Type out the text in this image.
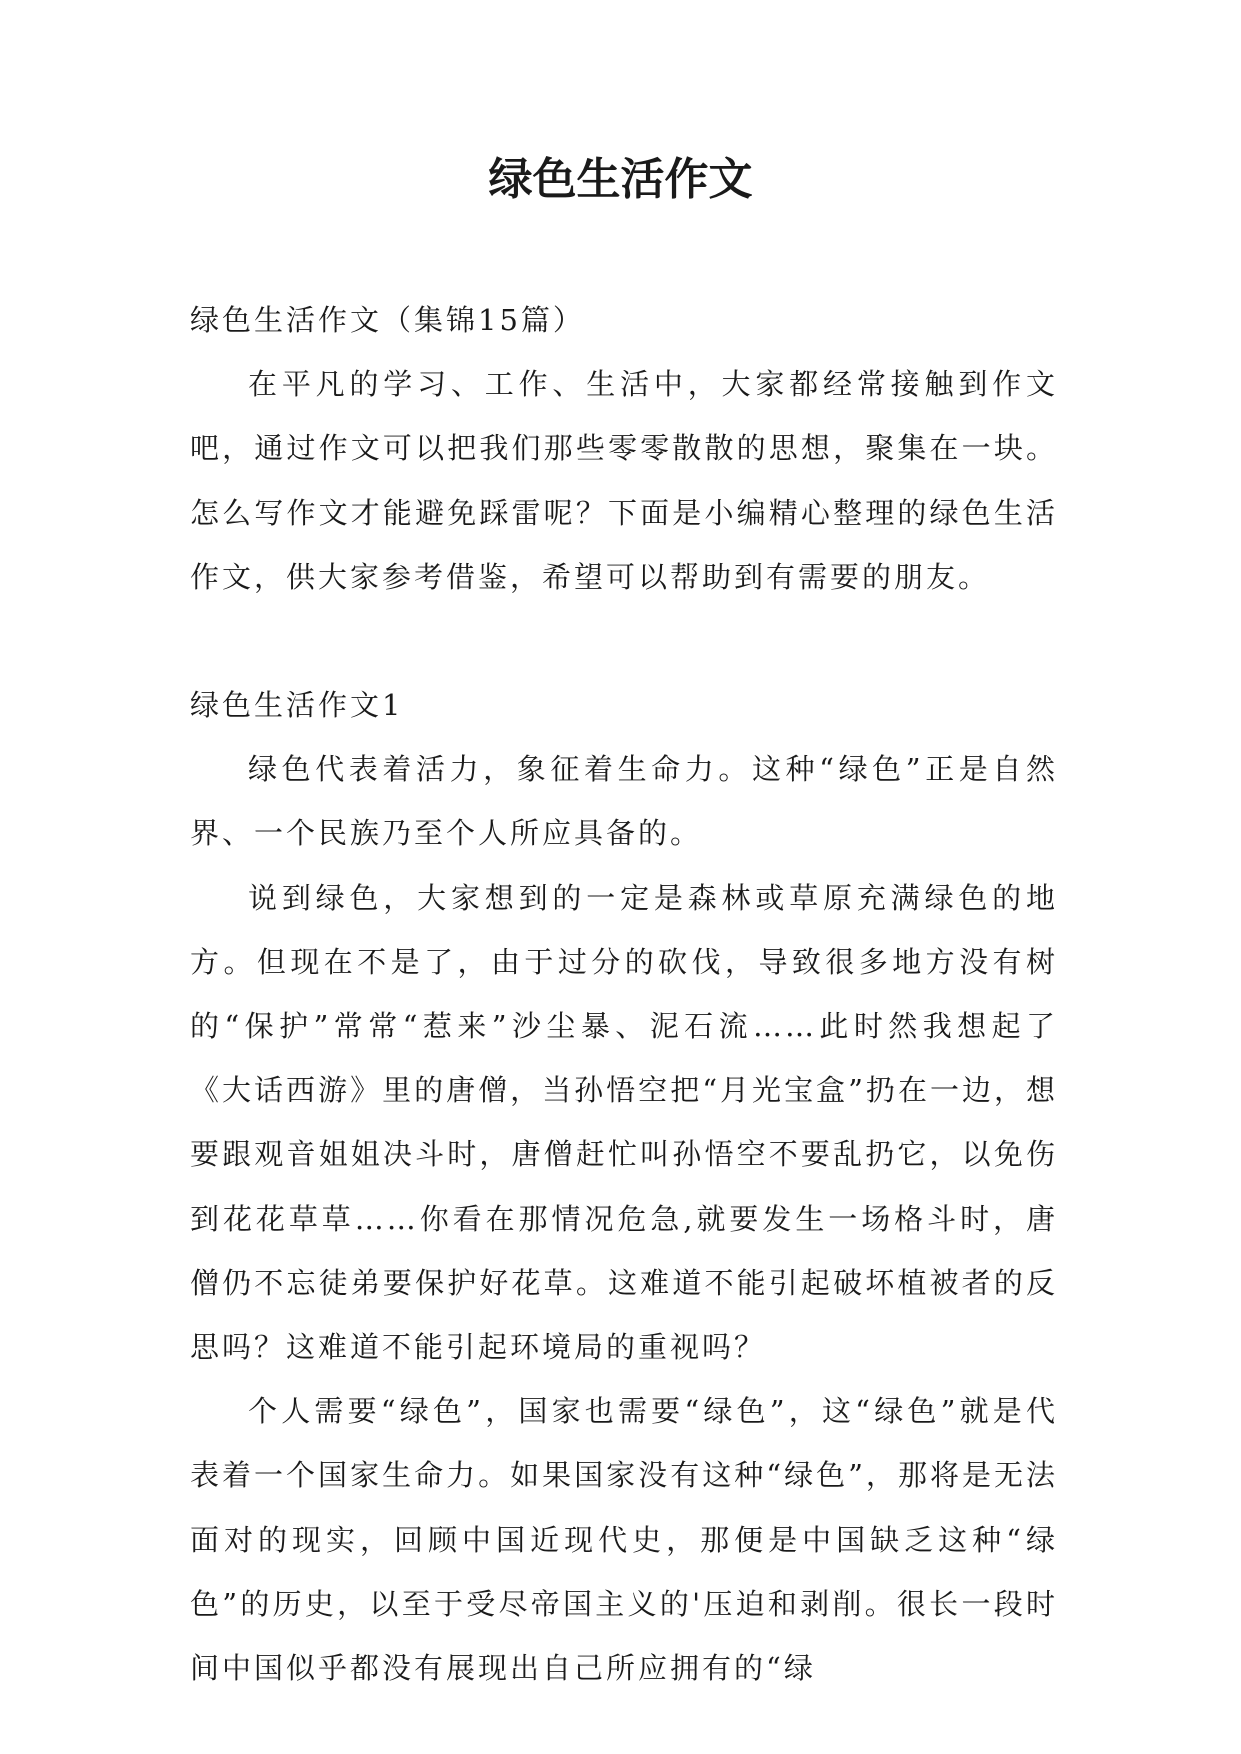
绿色生活作文

绿色生活作文（集锦15篇）

在平凡的学习、工作、生活中，大家都经常接触到作文吧，通过作文可以把我们那些零零散散的思想，聚集在一块。怎么写作文才能避免踩雷呢？下面是小编精心整理的绿色生活作文，供大家参考借鉴，希望可以帮助到有需要的朋友。

绿色生活作文1

绿色代表着活力，象征着生命力。这种“绿色”正是自然界、一个民族乃至个人所应具备的。

说到绿色，大家想到的一定是森林或草原充满绿色的地方。但现在不是了，由于过分的砍伐，导致很多地方没有树的“保护”常常“惹来”沙尘暴、泥石流……此时然我想起了《大话西游》里的唐僧，当孙悟空把“月光宝盒”扔在一边，想要跟观音姐姐决斗时，唐僧赶忙叫孙悟空不要乱扔它，以免伤到花花草草……你看在那情况危急,就要发生一场格斗时，唐僧仍不忘徒弟要保护好花草。这难道不能引起破坏植被者的反思吗？这难道不能引起环境局的重视吗？

个人需要“绿色”，国家也需要“绿色”，这“绿色”就是代表着一个国家生命力。如果国家没有这种“绿色”，那将是无法面对的现实，回顾中国近现代史，那便是中国缺乏这种“绿色”的历史，以至于受尽帝国主义的'压迫和剥削。很长一段时间中国似乎都没有展现出自己所应拥有的“绿
